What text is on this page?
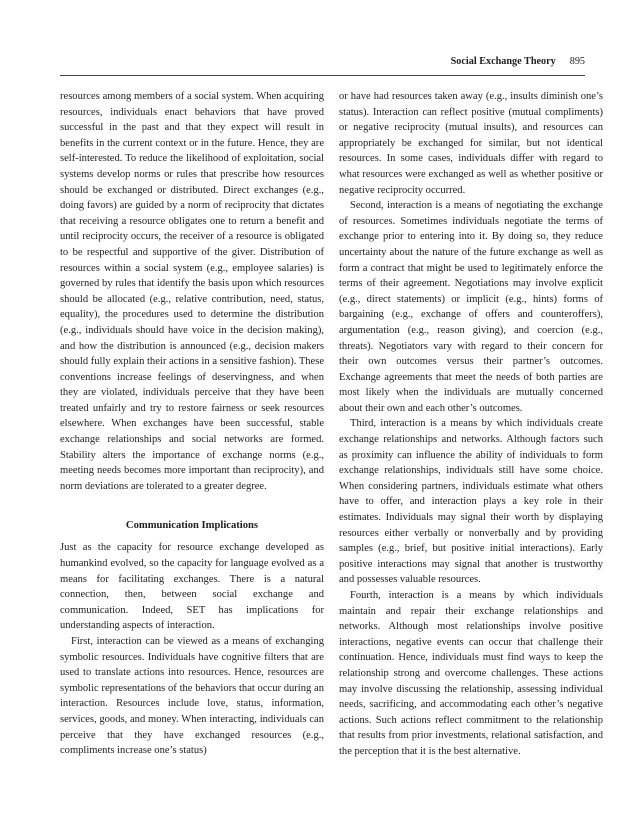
Social Exchange Theory 895

resources among members of a social system. When acquiring resources, individuals enact behaviors that have proved successful in the past and that they expect will result in benefits in the current context or in the future. Hence, they are self-interested. To reduce the likelihood of exploitation, social systems develop norms or rules that prescribe how resources should be exchanged or distributed. Direct exchanges (e.g., doing favors) are guided by a norm of reciprocity that dictates that receiving a resource obligates one to return a benefit and until reciprocity occurs, the receiver of a resource is obligated to be respectful and supportive of the giver. Distribution of resources within a social system (e.g., employee salaries) is governed by rules that identify the basis upon which resources should be allocated (e.g., relative contribution, need, status, equality), the procedures used to determine the distribution (e.g., individuals should have voice in the decision making), and how the distribution is announced (e.g., decision makers should fully explain their actions in a sensitive fashion). These conventions increase feelings of deservingness, and when they are violated, individuals perceive that they have been treated unfairly and try to restore fairness or seek resources elsewhere. When exchanges have been successful, stable exchange relationships and social networks are formed. Stability alters the importance of exchange norms (e.g., meeting needs becomes more important than reciprocity), and norm deviations are tolerated to a greater degree.

Communication Implications

Just as the capacity for resource exchange developed as humankind evolved, so the capacity for language evolved as a means for facilitating exchanges. There is a natural connection, then, between social exchange and communication. Indeed, SET has implications for understanding aspects of interaction.

First, interaction can be viewed as a means of exchanging symbolic resources. Individuals have cognitive filters that are used to translate actions into resources. Hence, resources are symbolic representations of the behaviors that occur during an interaction. Resources include love, status, information, services, goods, and money. When interacting, individuals can perceive that they have exchanged resources (e.g., compliments increase one’s status)

or have had resources taken away (e.g., insults diminish one’s status). Interaction can reflect positive (mutual compliments) or negative reciprocity (mutual insults), and resources can appropriately be exchanged for similar, but not identical resources. In some cases, individuals differ with regard to what resources were exchanged as well as whether positive or negative reciprocity occurred.

Second, interaction is a means of negotiating the exchange of resources. Sometimes individuals negotiate the terms of exchange prior to entering into it. By doing so, they reduce uncertainty about the nature of the future exchange as well as form a contract that might be used to legitimately enforce the terms of their agreement. Negotiations may involve explicit (e.g., direct statements) or implicit (e.g., hints) forms of bargaining (e.g., exchange of offers and counteroffers), argumentation (e.g., reason giving), and coercion (e.g., threats). Negotiators vary with regard to their concern for their own outcomes versus their partner’s outcomes. Exchange agreements that meet the needs of both parties are most likely when the individuals are mutually concerned about their own and each other’s outcomes.

Third, interaction is a means by which individuals create exchange relationships and networks. Although factors such as proximity can influence the ability of individuals to form exchange relationships, individuals still have some choice. When considering partners, individuals estimate what others have to offer, and interaction plays a key role in their estimates. Individuals may signal their worth by displaying resources either verbally or nonverbally and by providing samples (e.g., brief, but positive initial interactions). Early positive interactions may signal that another is trustworthy and possesses valuable resources.

Fourth, interaction is a means by which individuals maintain and repair their exchange relationships and networks. Although most relationships involve positive interactions, negative events can occur that challenge their continuation. Hence, individuals must find ways to keep the relationship strong and overcome challenges. These actions may involve discussing the relationship, assessing individual needs, sacrificing, and accommodating each other’s negative actions. Such actions reflect commitment to the relationship that results from prior investments, relational satisfaction, and the perception that it is the best alternative.
